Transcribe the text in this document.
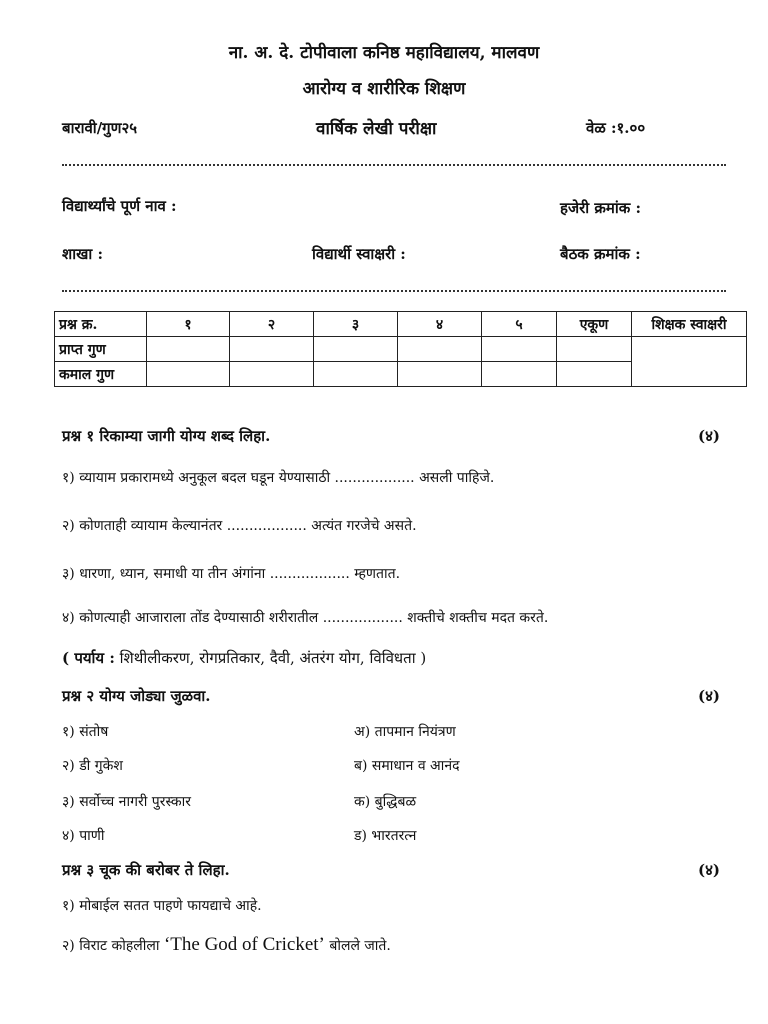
ना. अ. दे. टोपीवाला कनिष्ठ महाविद्यालय, मालवण
आरोग्य व शारीरिक शिक्षण
बारावी/गुण२५	वार्षिक लेखी परीक्षा	वेळ :१.००
विद्यार्थ्यांचे पूर्ण नाव :	हजेरी क्रमांक :
शाखा :	विद्यार्थी स्वाक्षरी :	बैठक क्रमांक :
प्रश्न क्र.	१	२	३	४	५	एकूण	शिक्षक स्वाक्षरी
प्राप्त गुण							
कमाल गुण							
प्रश्न १ रिकाम्या जागी योग्य शब्द लिहा.	(४)
१) व्यायाम प्रकारामध्ये अनुकूल बदल घडून येण्यासाठी .................. असली पाहिजे.
२) कोणताही व्यायाम केल्यानंतर .................. अत्यंत गरजेचे असते.
३) धारणा, ध्यान, समाधी या तीन अंगांना .................. म्हणतात.
४) कोणत्याही आजाराला तोंड देण्यासाठी शरीरातील .................. शक्तीचे शक्तीच मदत करते.
( पर्याय : शिथीलीकरण, रोगप्रतिकार, दैवी, अंतरंग योग, विविधता )
प्रश्न २ योग्य जोड्या जुळवा.	(४)
१) संतोष	अ) तापमान नियंत्रण
२) डी गुकेश	ब) समाधान व आनंद
३) सर्वोच्च नागरी पुरस्कार	क) बुद्धिबळ
४) पाणी	ड) भारतरत्न
प्रश्न ३ चूक की बरोबर ते लिहा.	(४)
१) मोबाईल सतत पाहणे फायद्याचे आहे.
२) विराट कोहलीला ‘The God of Cricket’ बोलले जाते.
